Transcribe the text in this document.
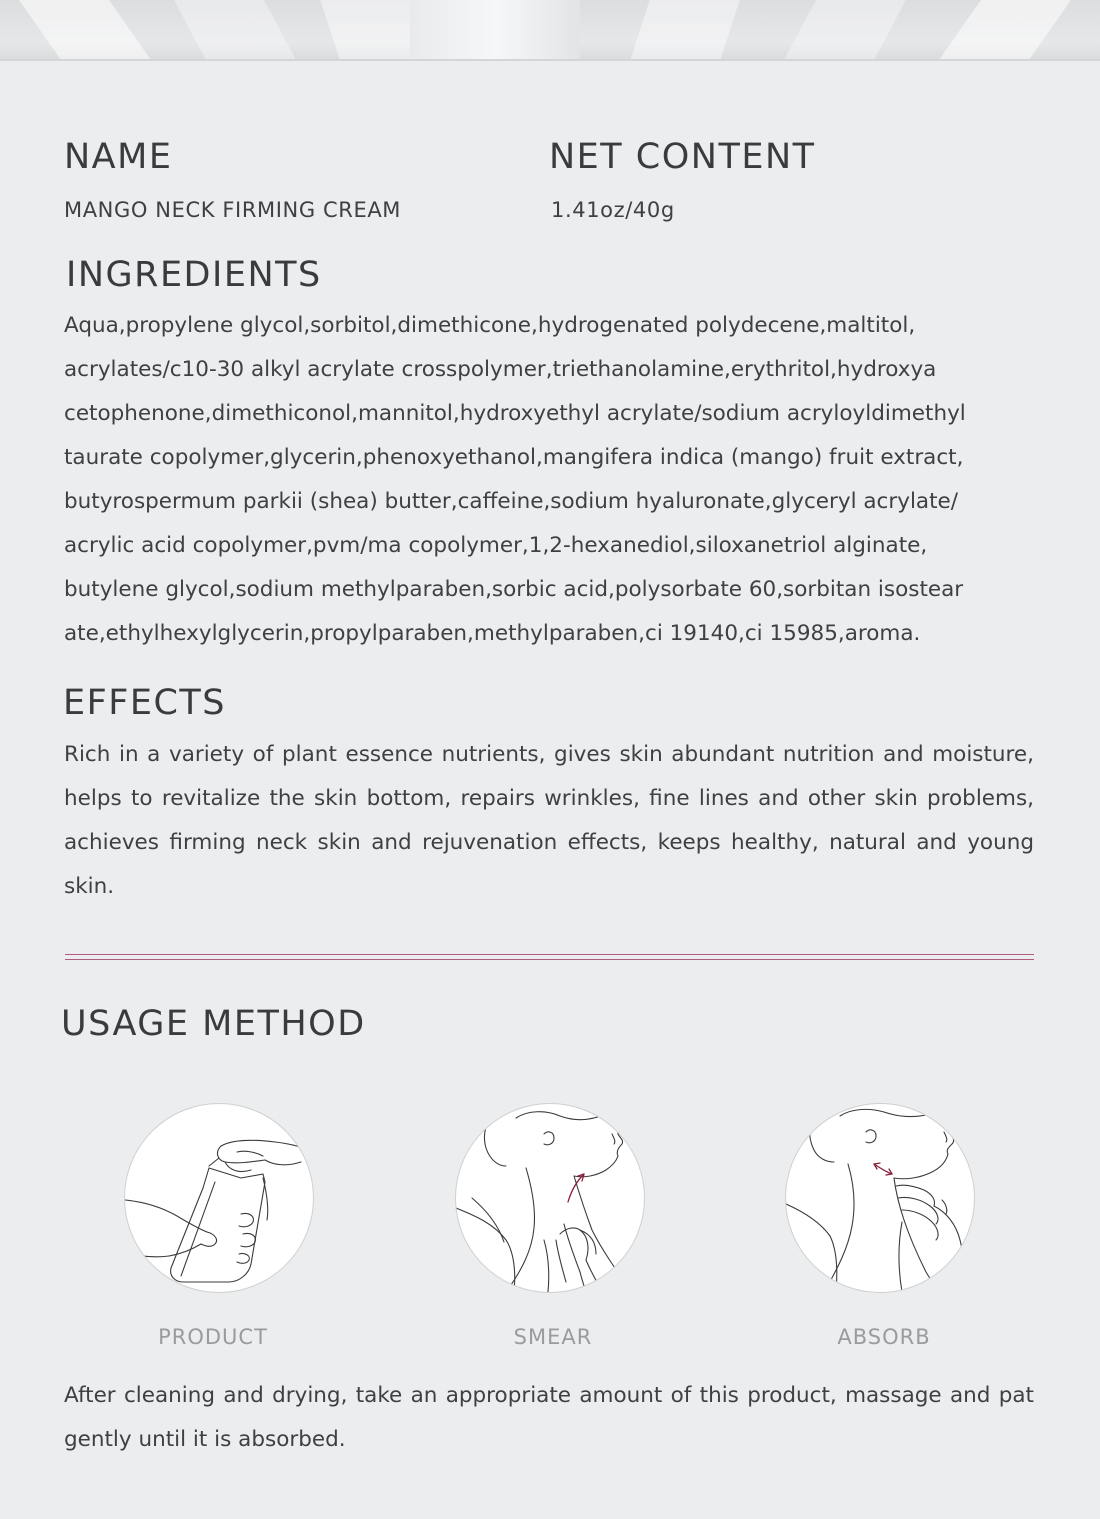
NAME

MANGO NECK FIRMING CREAM

NET CONTENT

1.41oz/40g

INGREDIENTS
Aqua,propylene glycol,sorbitol,dimethicone,hydrogenated polydecene,maltitol,
acrylates/c10-30 alkyl acrylate crosspolymer,triethanolamine,erythritol,hydroxya
cetophenone,dimethiconol,mannitol,hydroxyethyl acrylate/sodium acryloyldimethyl
taurate copolymer,glycerin,phenoxyethanol,mangifera indica (mango) fruit extract,
butyrospermum parkii (shea) butter,caffeine,sodium hyaluronate,glyceryl acrylate/
acrylic acid copolymer,pvm/ma copolymer,1,2-hexanediol,siloxanetriol alginate,
butylene glycol,sodium methylparaben,sorbic acid,polysorbate 60,sorbitan isostear
ate,ethylhexylglycerin,propylparaben,methylparaben,ci 19140,ci 15985,aroma.
EFFECTS

Rich in a variety of plant essence nutrients, gives skin abundant nutrition and moisture, helps to revitalize the skin bottom, repairs wrinkles, fine lines and other skin problems, achieves firming neck skin and rejuvenation effects, keeps healthy, natural and young skin.

USAGE METHOD
PRODUCT	SMEAR	ABSORB

After cleaning and drying, take an appropriate amount of this product, massage and pat gently until it is absorbed.
